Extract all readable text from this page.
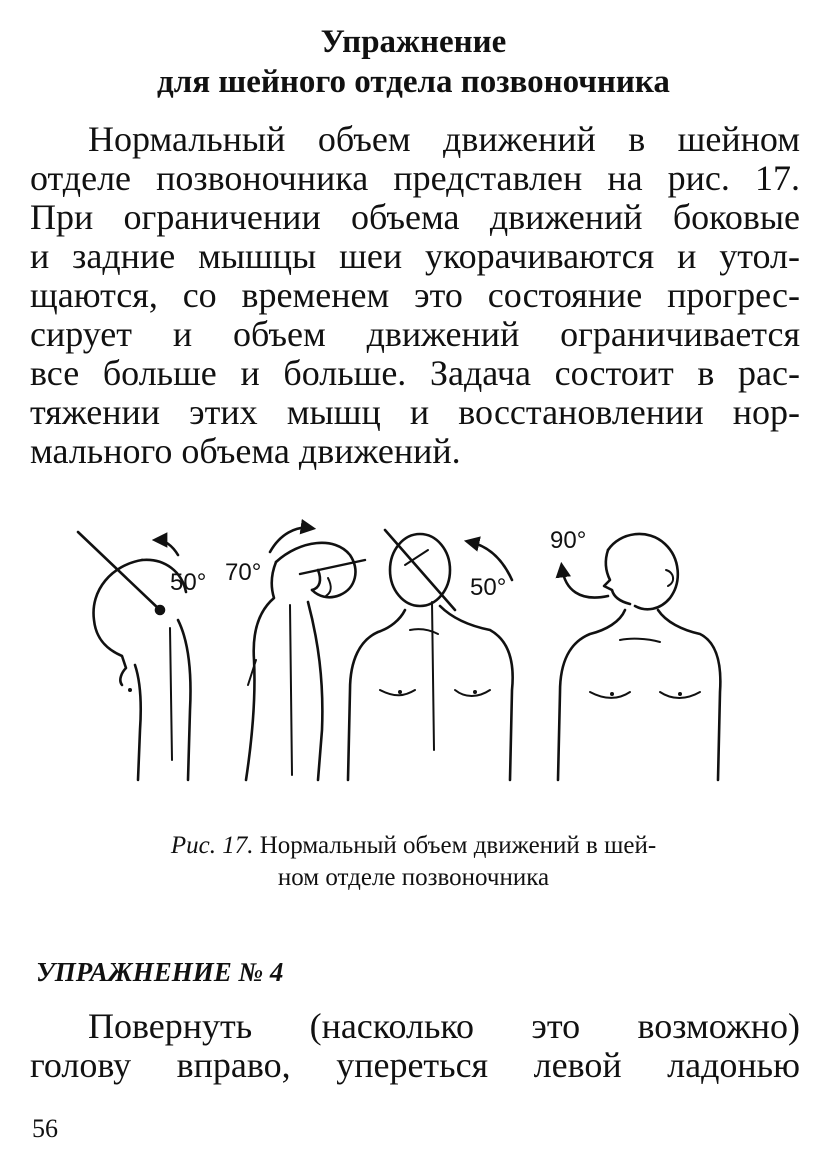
Упражнение
для шейного отдела позвоночника
Нормальный объем движений в шейном
отделе позвоночника представлен на рис. 17.
При ограничении объема движений боковые
и задние мышцы шеи укорачиваются и утол-
щаются, со временем это состояние прогрес-
сирует и объем движений ограничивается
все больше и больше. Задача состоит в рас-
тяжении этих мышц и восстановлении нор-
мального объема движений.
50° 70°
50°
90°
Рис. 17. Нормальный объем движений в шей-
ном отделе позвоночника
УПРАЖНЕНИЕ № 4
Повернуть (насколько это возможно)
голову вправо, упереться левой ладонью
56
